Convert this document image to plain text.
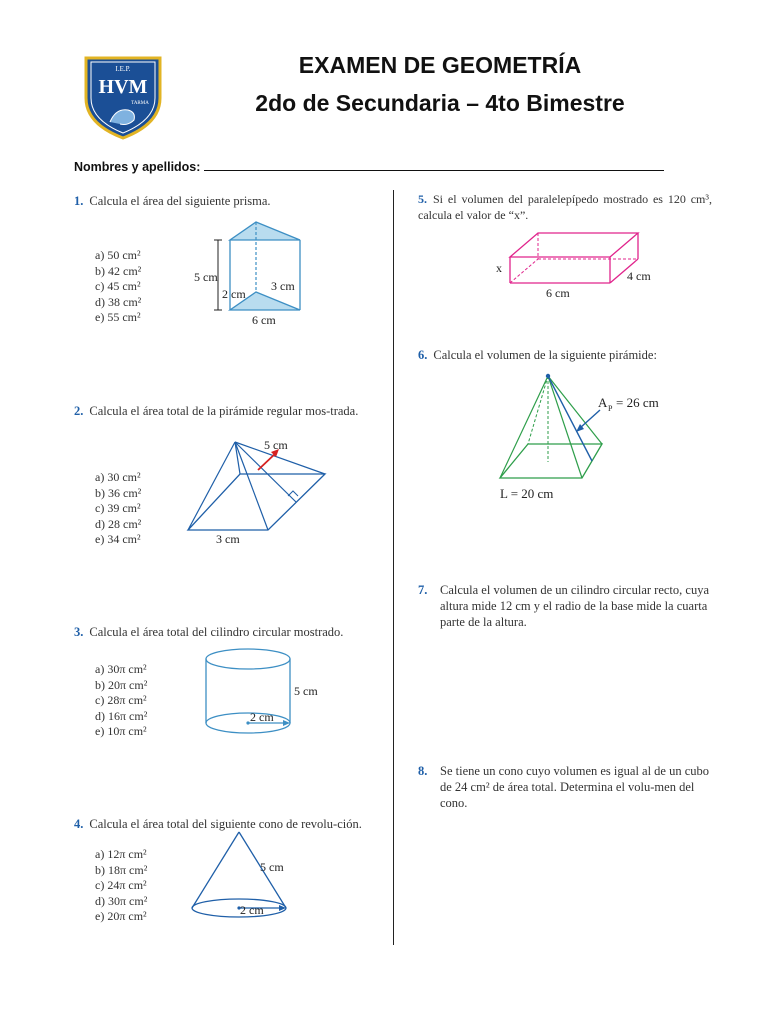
I.E.P.
HVM
TARMA
EXAMEN DE GEOMETRÍA
2do de Secundaria – 4to Bimestre
Nombres y apellidos:
1. Calcula el área del siguiente prisma.
a) 50 cm²
b) 42 cm²
c) 45 cm²
d) 38 cm²
e) 55 cm²
5 cm
2 cm
3 cm
6 cm
2. Calcula el área total de la pirámide regular mos-trada.
a) 30 cm²
b) 36 cm²
c) 39 cm²
d) 28 cm²
e) 34 cm²
5 cm
3 cm
3. Calcula el área total del cilindro circular mostrado.
a) 30π cm²
b) 20π cm²
c) 28π cm²
d) 16π cm²
e) 10π cm²
5 cm
2 cm
4. Calcula el área total del siguiente cono de revolu-ción.
a) 12π cm²
b) 18π cm²
c) 24π cm²
d) 30π cm²
e) 20π cm²
5 cm
2 cm
5. Si el volumen del paralelepípedo mostrado es 120 cm³, calcula el valor de “x”.
x
4 cm
6 cm
6. Calcula el volumen de la siguiente pirámide:
A P = 26 cm
L = 20 cm
7. Calcula el volumen de un cilindro circular recto, cuya altura mide 12 cm y el radio de la base mide la cuarta parte de la altura.
8. Se tiene un cono cuyo volumen es igual al de un cubo de 24 cm² de área total. Determina el volu-men del cono.
